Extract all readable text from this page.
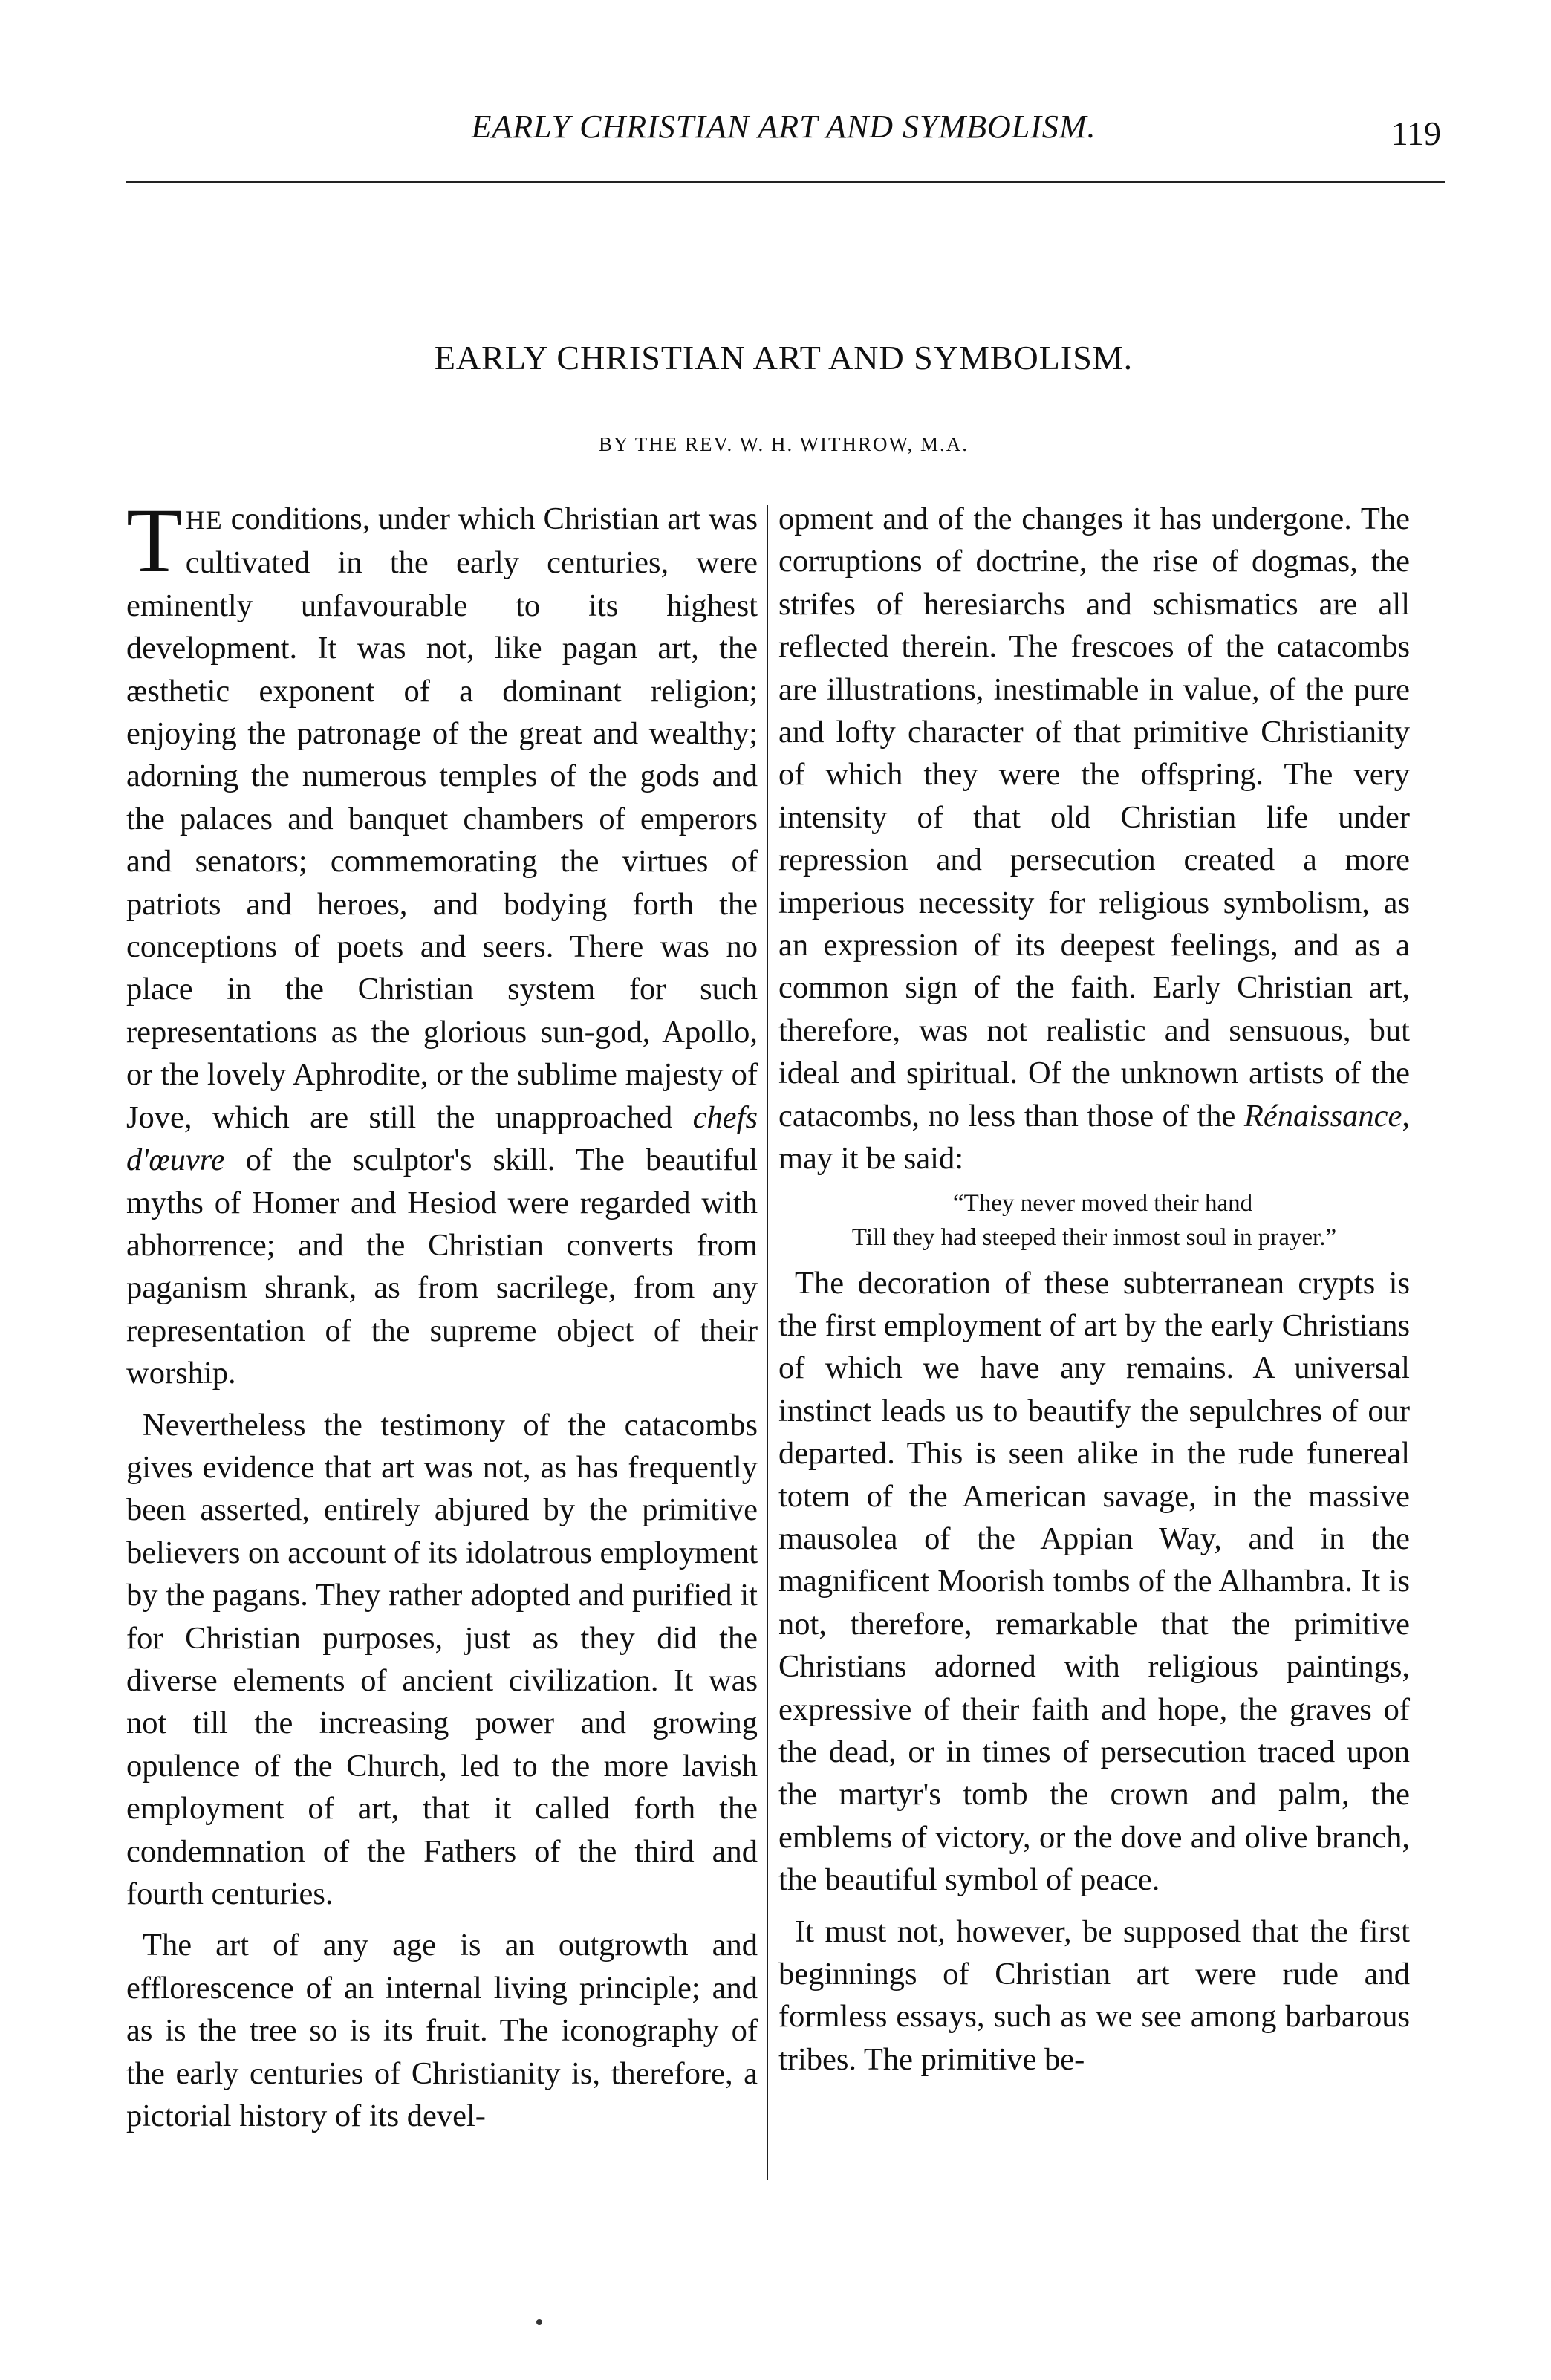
EARLY CHRISTIAN ART AND SYMBOLISM.	119
EARLY CHRISTIAN ART AND SYMBOLISM.
BY THE REV. W. H. WITHROW, M.A.

THE conditions, under which Christian art was cultivated in the early centuries, were eminently unfavourable to its highest development. It was not, like pagan art, the æsthetic exponent of a dominant religion; enjoying the patronage of the great and wealthy; adorning the numerous temples of the gods and the palaces and banquet chambers of emperors and senators; commemorating the virtues of patriots and heroes, and bodying forth the conceptions of poets and seers. There was no place in the Christian system for such representations as the glorious sun-god, Apollo, or the lovely Aphrodite, or the sublime majesty of Jove, which are still the unapproached chefs d'œuvre of the sculptor's skill. The beautiful myths of Homer and Hesiod were regarded with abhorrence; and the Christian converts from paganism shrank, as from sacrilege, from any representation of the supreme object of their worship.

Nevertheless the testimony of the catacombs gives evidence that art was not, as has frequently been asserted, entirely abjured by the primitive believers on account of its idolatrous employment by the pagans. They rather adopted and purified it for Christian purposes, just as they did the diverse elements of ancient civilization. It was not till the increasing power and growing opulence of the Church, led to the more lavish employment of art, that it called forth the condemnation of the Fathers of the third and fourth centuries.

The art of any age is an outgrowth and efflorescence of an internal living principle; and as is the tree so is its fruit. The iconography of the early centuries of Christianity is, therefore, a pictorial history of its devel-

opment and of the changes it has undergone. The corruptions of doctrine, the rise of dogmas, the strifes of heresiarchs and schismatics are all reflected therein. The frescoes of the catacombs are illustrations, inestimable in value, of the pure and lofty character of that primitive Christianity of which they were the offspring. The very intensity of that old Christian life under repression and persecution created a more imperious necessity for religious symbolism, as an expression of its deepest feelings, and as a common sign of the faith. Early Christian art, therefore, was not realistic and sensuous, but ideal and spiritual. Of the unknown artists of the catacombs, no less than those of the Rénaissance, may it be said:

“They never moved their hand
Till they had steeped their inmost soul in prayer.”

The decoration of these subterranean crypts is the first employment of art by the early Christians of which we have any remains. A universal instinct leads us to beautify the sepulchres of our departed. This is seen alike in the rude funereal totem of the American savage, in the massive mausolea of the Appian Way, and in the magnificent Moorish tombs of the Alhambra. It is not, therefore, remarkable that the primitive Christians adorned with religious paintings, expressive of their faith and hope, the graves of the dead, or in times of persecution traced upon the martyr's tomb the crown and palm, the emblems of victory, or the dove and olive branch, the beautiful symbol of peace.

It must not, however, be supposed that the first beginnings of Christian art were rude and formless essays, such as we see among barbarous tribes. The primitive be-
